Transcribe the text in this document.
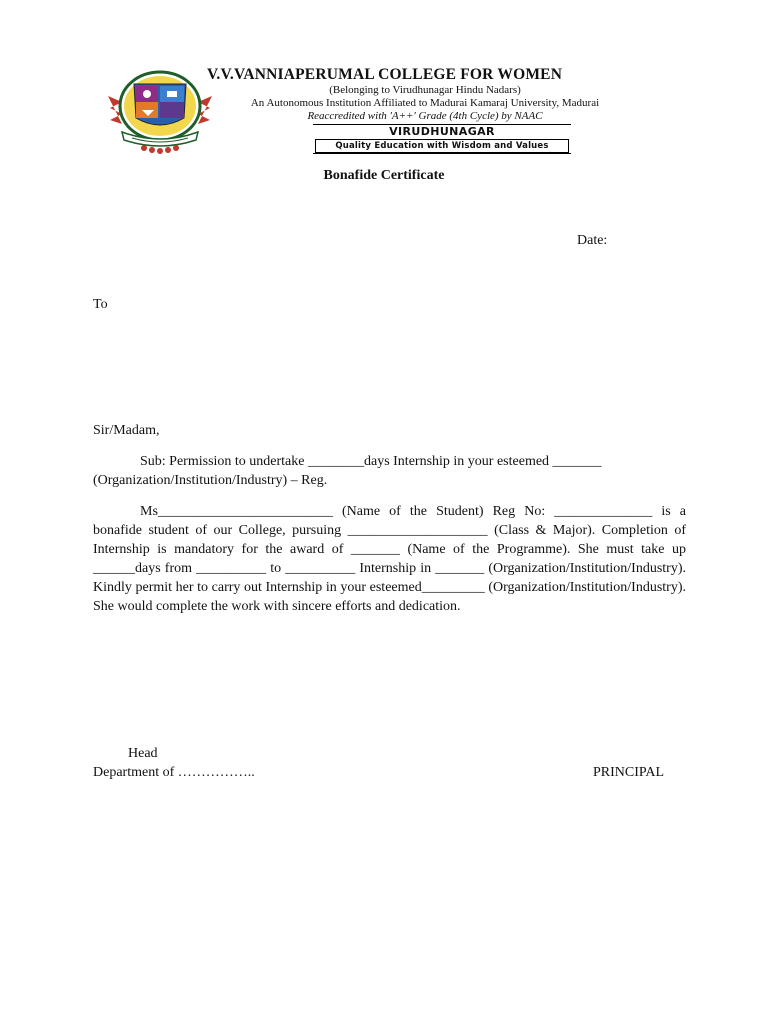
V.V.VANNIAPERUMAL COLLEGE FOR WOMEN
(Belonging to Virudhunagar Hindu Nadars)
An Autonomous Institution Affiliated to Madurai Kamaraj University, Madurai
Reaccredited with 'A++' Grade (4th Cycle) by NAAC
VIRUDHUNAGAR
Quality Education with Wisdom and Values
Bonafide Certificate
Date:
To
Sir/Madam,
Sub: Permission to undertake ________days Internship in your esteemed _______ (Organization/Institution/Industry) – Reg.
Ms_________________________ (Name of the Student) Reg No: ______________ is a bonafide student of our College, pursuing ____________________ (Class & Major). Completion of Internship is mandatory for the award of _______ (Name of the Programme). She must take up ______days from __________ to __________ Internship in _______ (Organization/Institution/Industry). Kindly permit her to carry out Internship in your esteemed_________ (Organization/Institution/Industry). She would complete the work with sincere efforts and dedication.
Head
Department of ……………..	PRINCIPAL
